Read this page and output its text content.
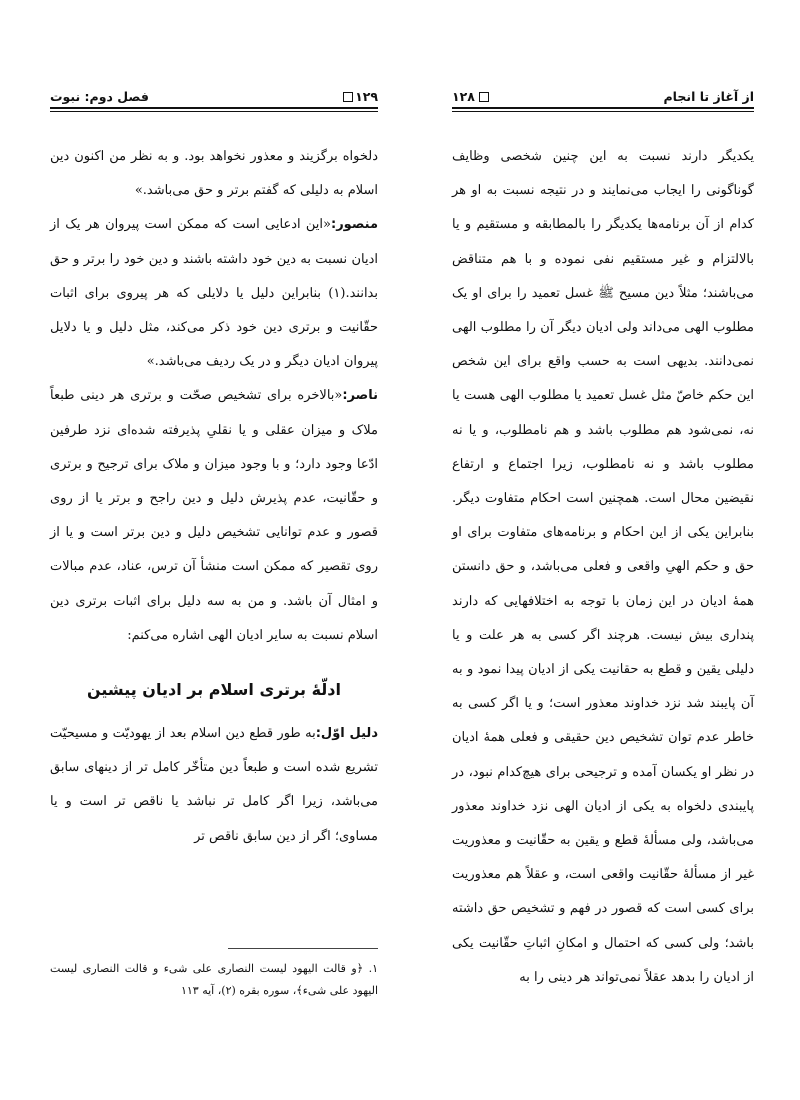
۱۲۹
فصل دوم: نبوت

دلخواه برگزیند و معذور نخواهد بود. و به نظر من اکنون دین اسلام به دلیلی که گفتم برتر و حق می‌باشد.»

منصور:«این ادعایی است که ممکن است پیروان هر یک از ادیان نسبت به دین خود داشته باشند و دین خود را برتر و حق بدانند.(۱) بنابراین دلیل یا دلایلی که هر پیروی برای اثبات حقّانیت و برتری دین خود ذکر می‌کند، مثل دلیل و یا دلایل پیروان ادیان دیگر و در یک ردیف می‌باشد.»

ناصر:«بالاخره برای تشخیص صحّت و برتری هر دینی طبعاً ملاک و میزان عقلی و یا نقلیِ پذیرفته شده‌ای نزد طرفین ادّعا وجود دارد؛ و با وجود میزان و ملاک برای ترجیح و برتری و حقّانیت، عدم پذیرش دلیل و دین راجح و برتر یا از روی قصور و عدم توانایی تشخیص دلیل و دین برتر است و یا از روی تقصیر که ممکن است منشأ آن ترس، عناد، عدم مبالات و امثال آن باشد. و من به سه دلیل برای اثبات برتری دین اسلام نسبت به سایر ادیان الهی اشاره می‌کنم:

ادلّهٔ برتری اسلام بر ادیان پیشین

دلیل اوّل:به طور قطع دین اسلام بعد از یهودیّت و مسیحیّت تشریع شده است و طبعاً دین متأخّر کامل تر از دینهای سابق می‌باشد، زیرا اگر کامل تر نباشد یا ناقص تر است و یا مساوی؛ اگر از دین سابق ناقص تر

۱. ﴿و قالت الیهود لیست النصاری علی شیء و قالت النصاری لیست الیهود علی شیء﴾، سوره بقره (۲)، آیه ۱۱۳
از آغاز تا انجام
۱۲۸

یکدیگر دارند نسبت به این چنین شخصی وظایف گوناگونی را ایجاب می‌نمایند و در نتیجه نسبت به او هر کدام از آن برنامه‌ها یکدیگر را بالمطابقه و مستقیم و یا بالالتزام و غیر مستقیم نفی نموده و با هم متناقض می‌باشند؛ مثلاً دین مسیح ﷺ غسل تعمید را برای او یک مطلوب الهی می‌داند ولی ادیان دیگر آن را مطلوب الهی نمی‌دانند. بدیهی است به حسب واقع برای این شخص این حکم خاصّ مثل غسل تعمید یا مطلوب الهی هست یا نه، نمی‌شود هم مطلوب باشد و هم نامطلوب، و یا نه مطلوب باشد و نه نامطلوب، زیرا اجتماع و ارتفاع نقیضین محال است. همچنین است احکام متفاوت دیگر. بنابراین یکی از این احکام و برنامه‌های متفاوت برای او حق و حکم الهیِ واقعی و فعلی می‌باشد، و حق دانستن همهٔ ادیان در این زمان با توجه به اختلافهایی که دارند پنداری بیش نیست. هرچند اگر کسی به هر علت و یا دلیلی یقین و قطع به حقانیت یکی از ادیان پیدا نمود و به آن پایبند شد نزد خداوند معذور است؛ و یا اگر کسی به خاطر عدم توان تشخیص دین حقیقی و فعلی همهٔ ادیان در نظر او یکسان آمده و ترجیحی برای هیچ‌کدام نبود، در پایبندی دلخواه به یکی از ادیان الهی نزد خداوند معذور می‌باشد، ولی مسألهٔ قطع و یقین به حقّانیت و معذوریت غیر از مسألهٔ حقّانیت واقعی است، و عقلاً هم معذوریت برای کسی است که قصور در فهم و تشخیص حق داشته باشد؛ ولی کسی که احتمال و امکانِ اثباتِ حقّانیت یکی از ادیان را بدهد عقلاً نمی‌تواند هر دینی را به
